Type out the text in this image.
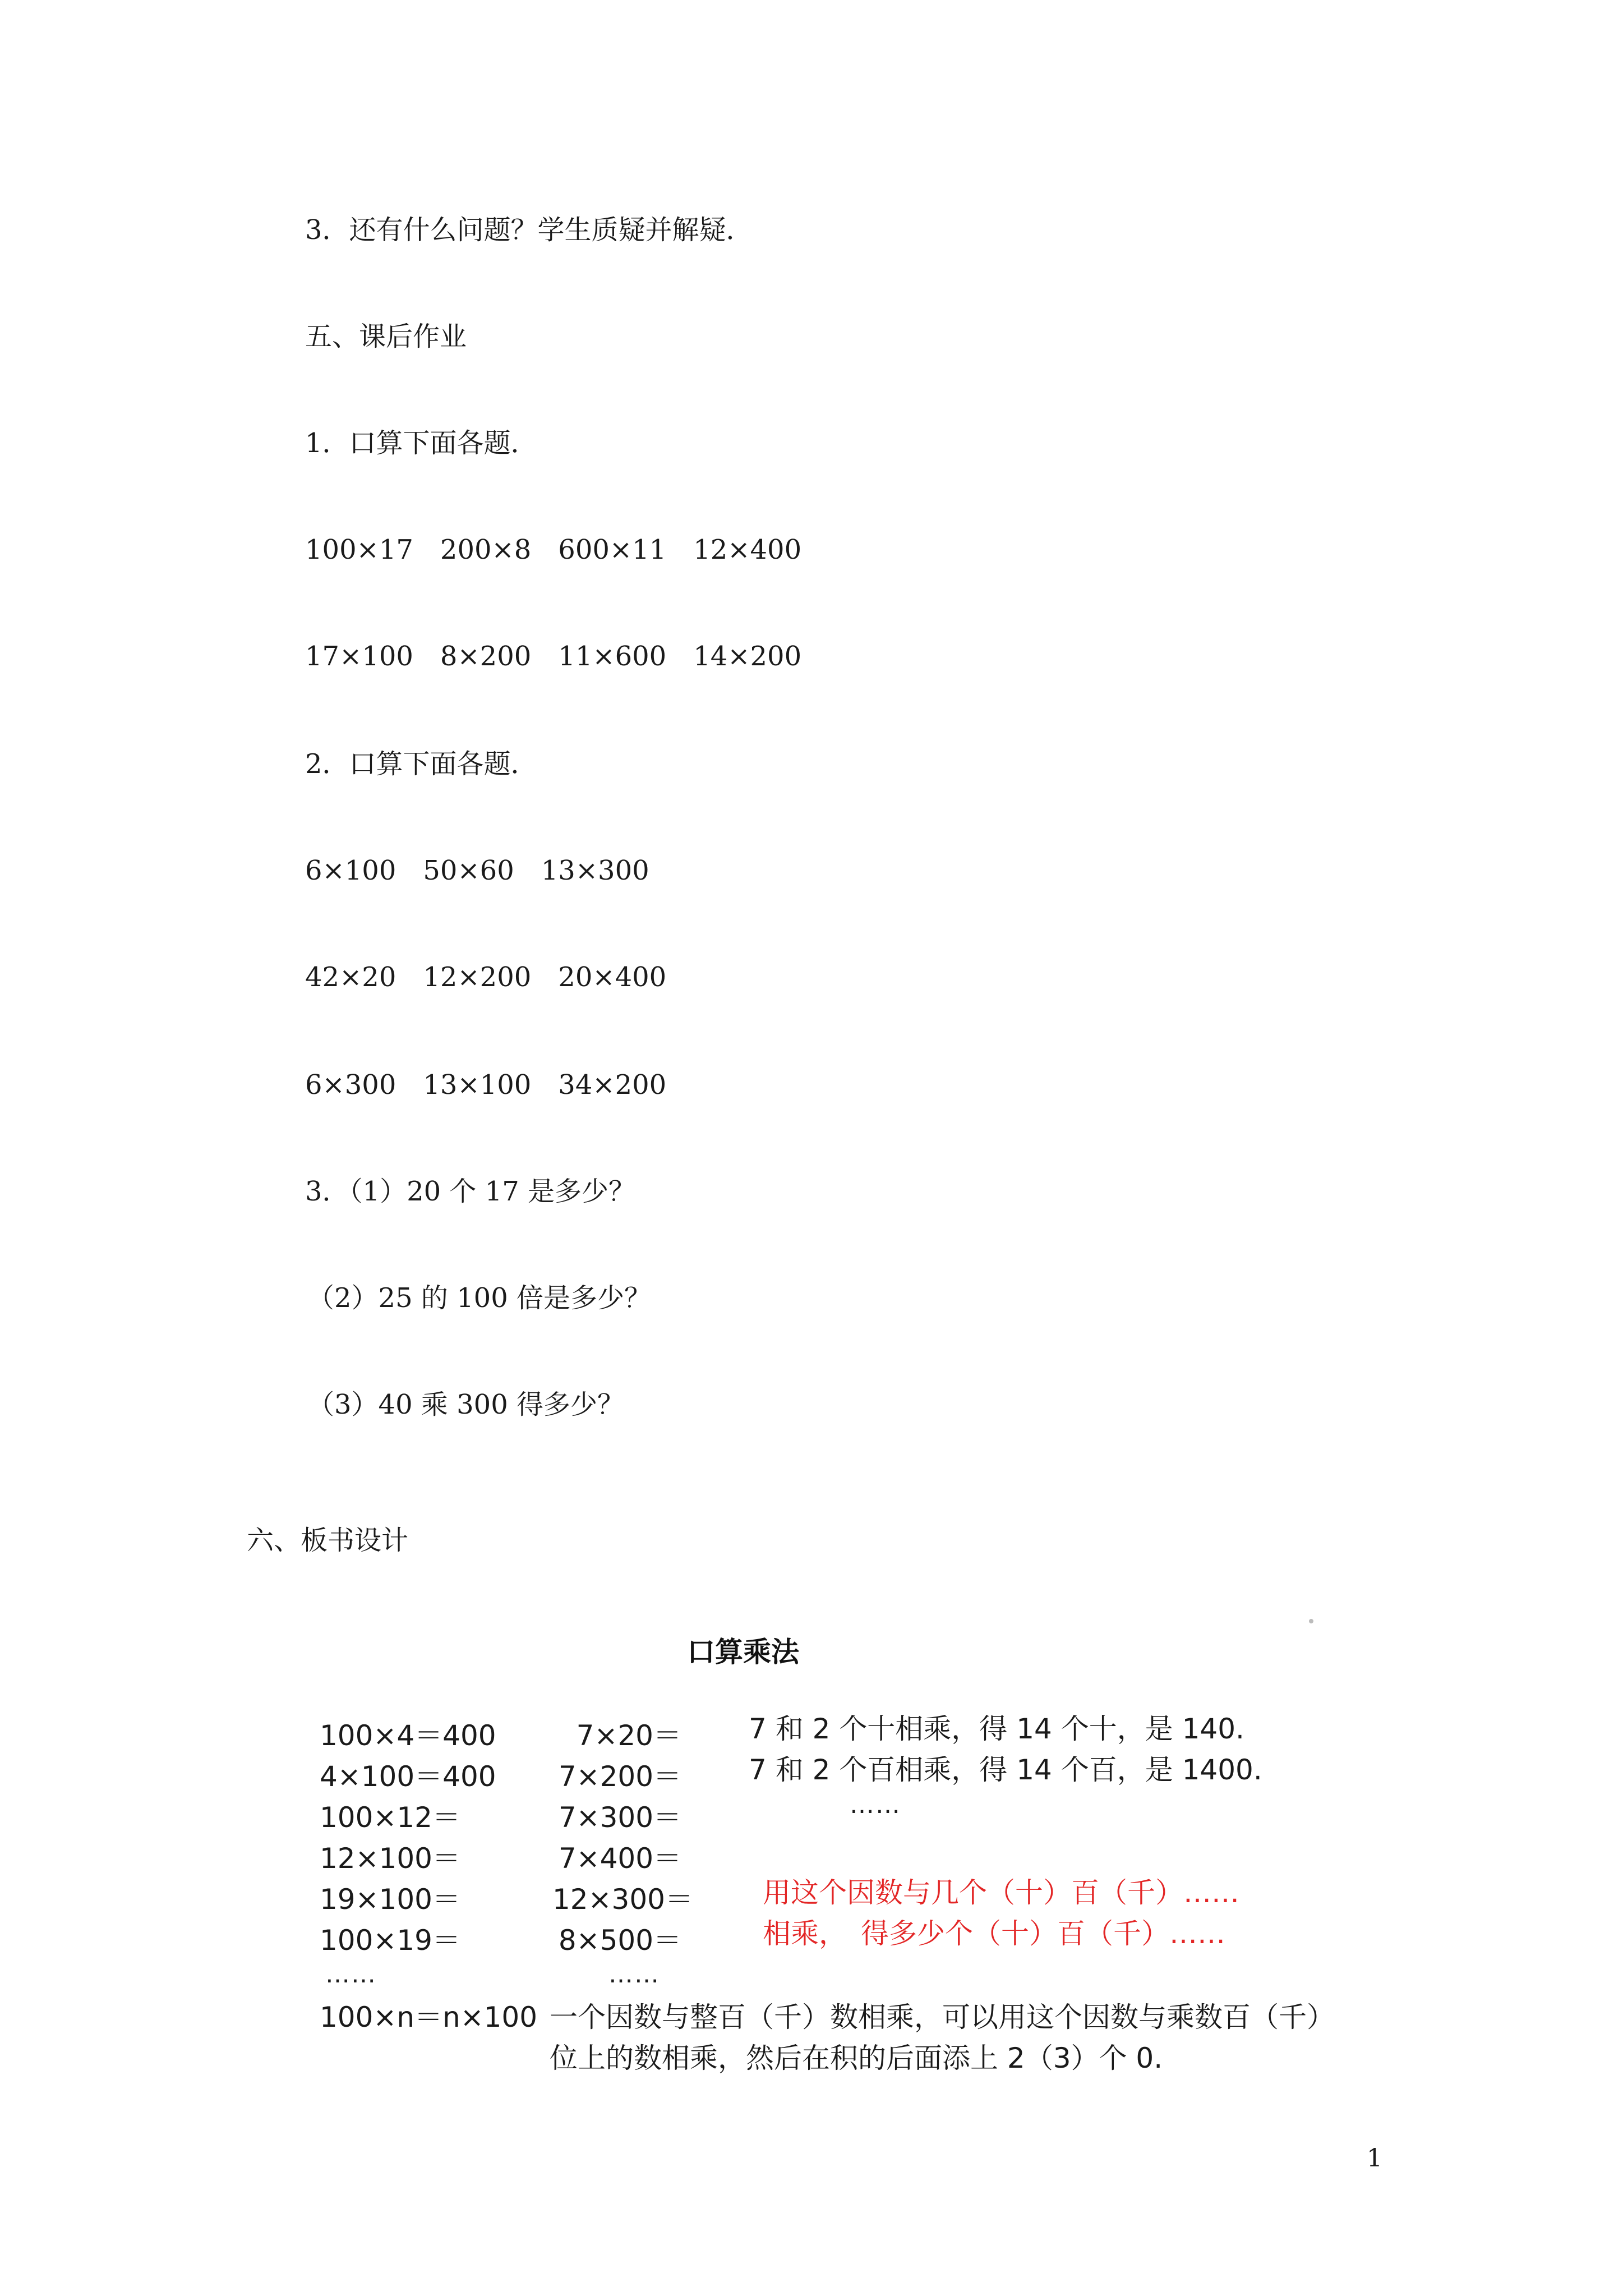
3．还有什么问题？学生质疑并解疑．
五、课后作业
1．口算下面各题．
100×17　200×8　600×11　12×400
17×100　8×200　11×600　14×200
2．口算下面各题．
6×100　50×60　13×300
42×20　12×200　20×400
6×300　13×100　34×200
3．（1）20 个 17 是多少？
（2）25 的 100 倍是多少？
（3）40 乘 300 得多少？
六、板书设计
口算乘法
100×4＝400
4×100＝400
100×12＝
12×100＝
19×100＝
100×19＝
……
7×20＝
7×200＝
7×300＝
7×400＝
12×300＝
8×500＝
……
7 和 2 个十相乘，得 14 个十，是 140.
7 和 2 个百相乘，得 14 个百，是 1400.
……
用这个因数与几个（十）百（千）……
相乘，　得多少个（十）百（千）……
100×n＝n×100 一个因数与整百（千）数相乘，可以用这个因数与乘数百（千）
位上的数相乘，然后在积的后面添上 2（3）个 0.
1
